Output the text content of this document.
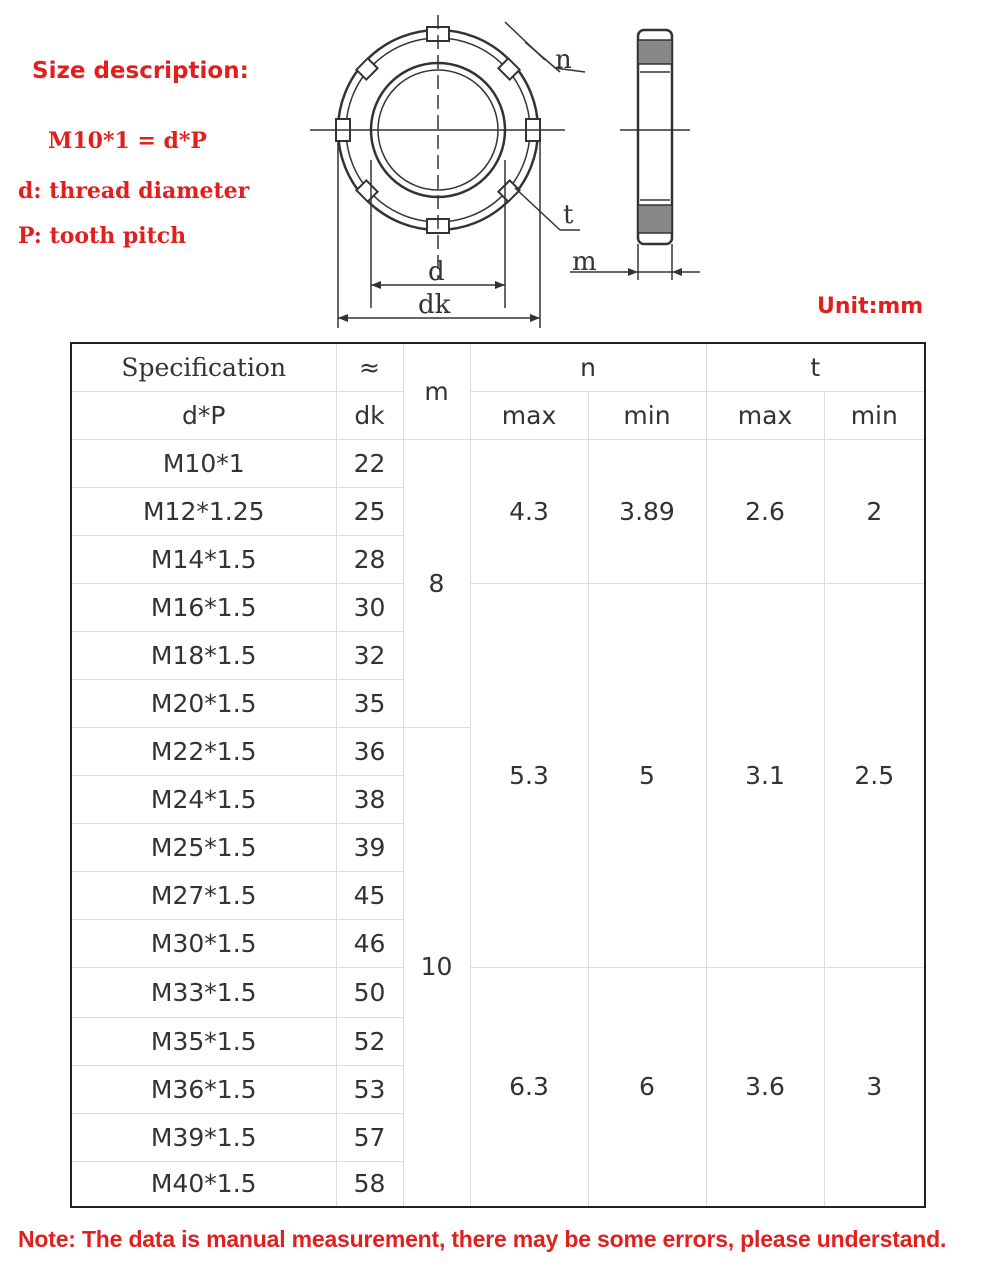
Size description:
M10*1 = d*P
d: thread diameter
P: tooth pitch
Unit:mm
n
t
m
d
dk
Specification	≈	m	n		t	
d*P	dk		max	min	max	min
M10*1	22	8	4.3	3.89	2.6	2
M12*1.25	25					
M14*1.5	28					
M16*1.5	30		5.3	5	3.1	2.5
M18*1.5	32					
M20*1.5	35					
M22*1.5	36	10				
M24*1.5	38					
M25*1.5	39					
M27*1.5	45					
M30*1.5	46					
M33*1.5	50		6.3	6	3.6	3
M35*1.5	52					
M36*1.5	53					
M39*1.5	57					
M40*1.5	58					
Note: The data is manual measurement, there may be some errors, please understand.
